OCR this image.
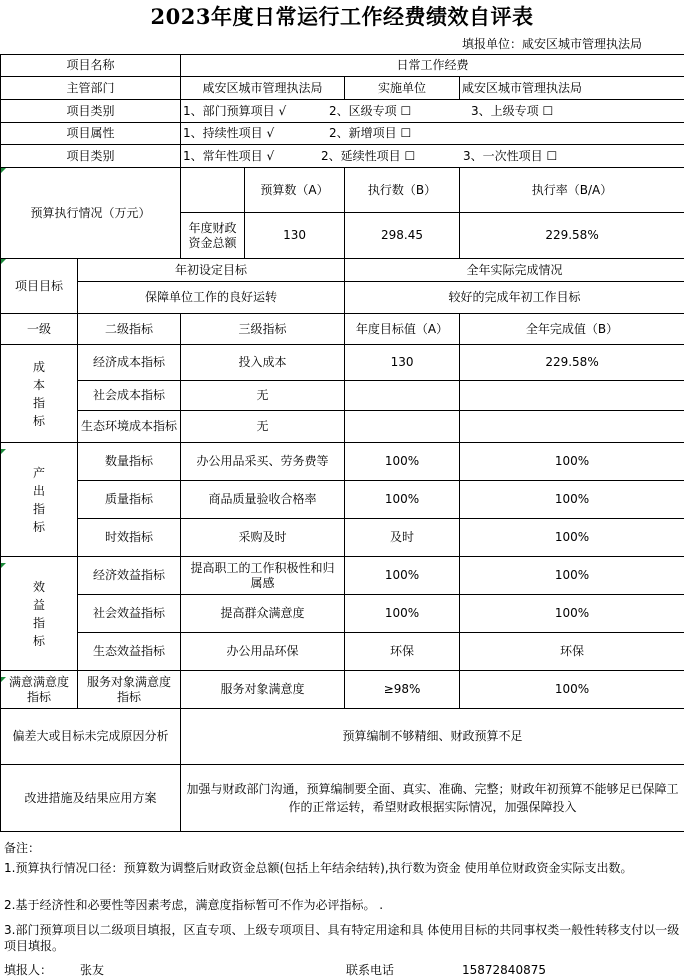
2023年度日常运行工作经费绩效自评表
填报单位：咸安区城市管理执法局
项目名称		日常工作经费			
主管部门		咸安区城市管理执法局		实施单位	咸安区城市管理执法局
项目类别		1、部门预算项目 √ 2、区级专项 ☐ 3、上级专项 ☐			
项目属性		1、持续性项目 √ 2、新增项目 ☐			
项目类别		1、常年性项目 √ 2、延续性项目 ☐ 3、一次性项目 ☐			
预算执行情况（万元）			预算数（A）	执行数（B）	执行率（B/A）
		年度财政资金总额	130	298.45	229.58%
项目目标	年初设定目标			全年实际完成情况	
	保障单位工作的良好运转			较好的完成年初工作目标	
一级	二级指标	三级指标		年度目标值（A）	全年完成值（B）

成本指标	经济成本指标	投入成本		130	229.58%
	社会成本指标	无			
	生态环境成本指标	无			

产出指标	数量指标	办公用品采买、劳务费等		100%	100%
	质量指标	商品质量验收合格率		100%	100%
	时效指标	采购及时		及时	100%

效益指标	经济效益指标	提高职工的工作积极性和归属感		100%	100%
	社会效益指标	提高群众满意度		100%	100%
	生态效益指标	办公用品环保		环保	环保
满意满意度指标	服务对象满意度指标	服务对象满意度		≥98%	100%
偏差大或目标未完成原因分析		预算编制不够精细、财政预算不足			
改进措施及结果应用方案		加强与财政部门沟通，预算编制要全面、真实、准确、完整；财政年初预算不能够足已保障工作的正常运转，希望财政根据实际情况，加强保障投入			
备注：
1.预算执行情况口径：预算数为调整后财政资金总额(包括上年结余结转),执行数为资金 使用单位财政资金实际支出数。
2.基于经济性和必要性等因素考虑，满意度指标暂可不作为必评指标。 .
3.部门预算项目以二级项目填报，区直专项、上级专项项目、具有特定用途和具 体使用目标的共同事权类一般性转移支付以一级项目填报。
填报人： 张友	联系电话	15872840875
